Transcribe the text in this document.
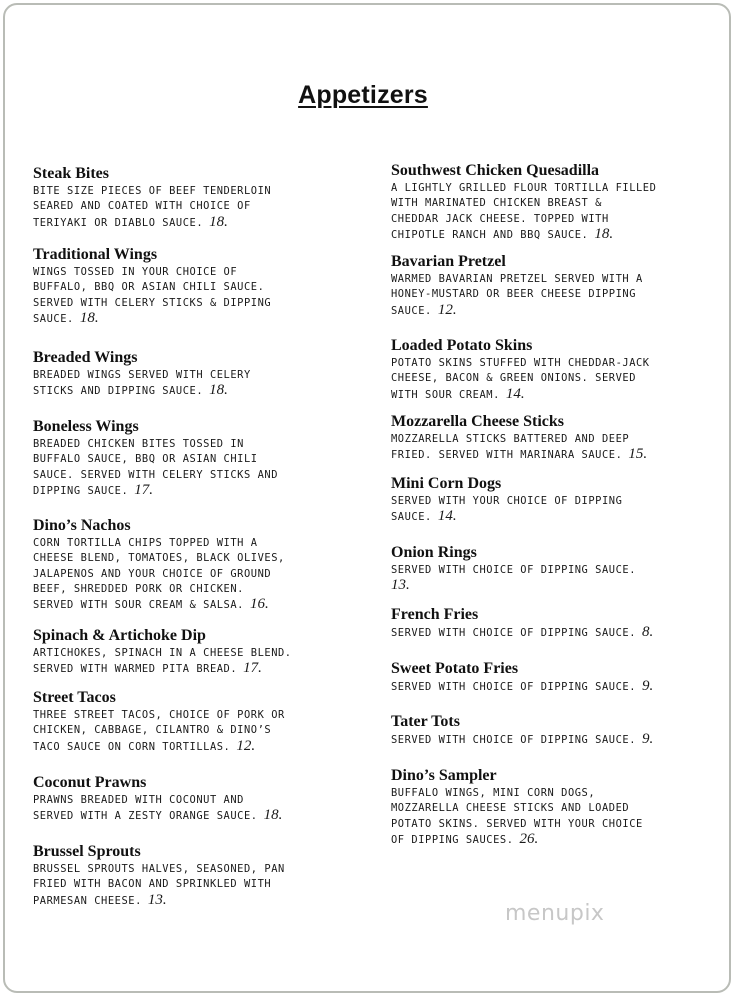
Appetizers
Steak Bites
BITE SIZE PIECES OF BEEF TENDERLOIN
SEARED AND COATED WITH CHOICE OF
TERIYAKI OR DIABLO SAUCE. 18.
Traditional Wings
WINGS TOSSED IN YOUR CHOICE OF
BUFFALO, BBQ OR ASIAN CHILI SAUCE.
SERVED WITH CELERY STICKS & DIPPING
SAUCE. 18.
Breaded Wings
BREADED WINGS SERVED WITH CELERY
STICKS AND DIPPING SAUCE. 18.
Boneless Wings
BREADED CHICKEN BITES TOSSED IN
BUFFALO SAUCE, BBQ OR ASIAN CHILI
SAUCE. SERVED WITH CELERY STICKS AND
DIPPING SAUCE. 17.
Dino’s Nachos
CORN TORTILLA CHIPS TOPPED WITH A
CHEESE BLEND, TOMATOES, BLACK OLIVES,
JALAPENOS AND YOUR CHOICE OF GROUND
BEEF, SHREDDED PORK OR CHICKEN.
SERVED WITH SOUR CREAM & SALSA. 16.
Spinach & Artichoke Dip
ARTICHOKES, SPINACH IN A CHEESE BLEND.
SERVED WITH WARMED PITA BREAD. 17.
Street Tacos
THREE STREET TACOS, CHOICE OF PORK OR
CHICKEN, CABBAGE, CILANTRO & DINO’S
TACO SAUCE ON CORN TORTILLAS. 12.
Coconut Prawns
PRAWNS BREADED WITH COCONUT AND
SERVED WITH A ZESTY ORANGE SAUCE. 18.
Brussel Sprouts
BRUSSEL SPROUTS HALVES, SEASONED, PAN
FRIED WITH BACON AND SPRINKLED WITH
PARMESAN CHEESE. 13.
Southwest Chicken Quesadilla
A LIGHTLY GRILLED FLOUR TORTILLA FILLED
WITH MARINATED CHICKEN BREAST &
CHEDDAR JACK CHEESE. TOPPED WITH
CHIPOTLE RANCH AND BBQ SAUCE. 18.
Bavarian Pretzel
WARMED BAVARIAN PRETZEL SERVED WITH A
HONEY-MUSTARD OR BEER CHEESE DIPPING
SAUCE. 12.
Loaded Potato Skins
POTATO SKINS STUFFED WITH CHEDDAR-JACK
CHEESE, BACON & GREEN ONIONS. SERVED
WITH SOUR CREAM. 14.
Mozzarella Cheese Sticks
MOZZARELLA STICKS BATTERED AND DEEP
FRIED. SERVED WITH MARINARA SAUCE. 15.
Mini Corn Dogs
SERVED WITH YOUR CHOICE OF DIPPING
SAUCE. 14.
Onion Rings
SERVED WITH CHOICE OF DIPPING SAUCE.
13.
French Fries
SERVED WITH CHOICE OF DIPPING SAUCE. 8.
Sweet Potato Fries
SERVED WITH CHOICE OF DIPPING SAUCE. 9.
Tater Tots
SERVED WITH CHOICE OF DIPPING SAUCE. 9.
Dino’s Sampler
BUFFALO WINGS, MINI CORN DOGS,
MOZZARELLA CHEESE STICKS AND LOADED
POTATO SKINS. SERVED WITH YOUR CHOICE
OF DIPPING SAUCES. 26.
menupix
